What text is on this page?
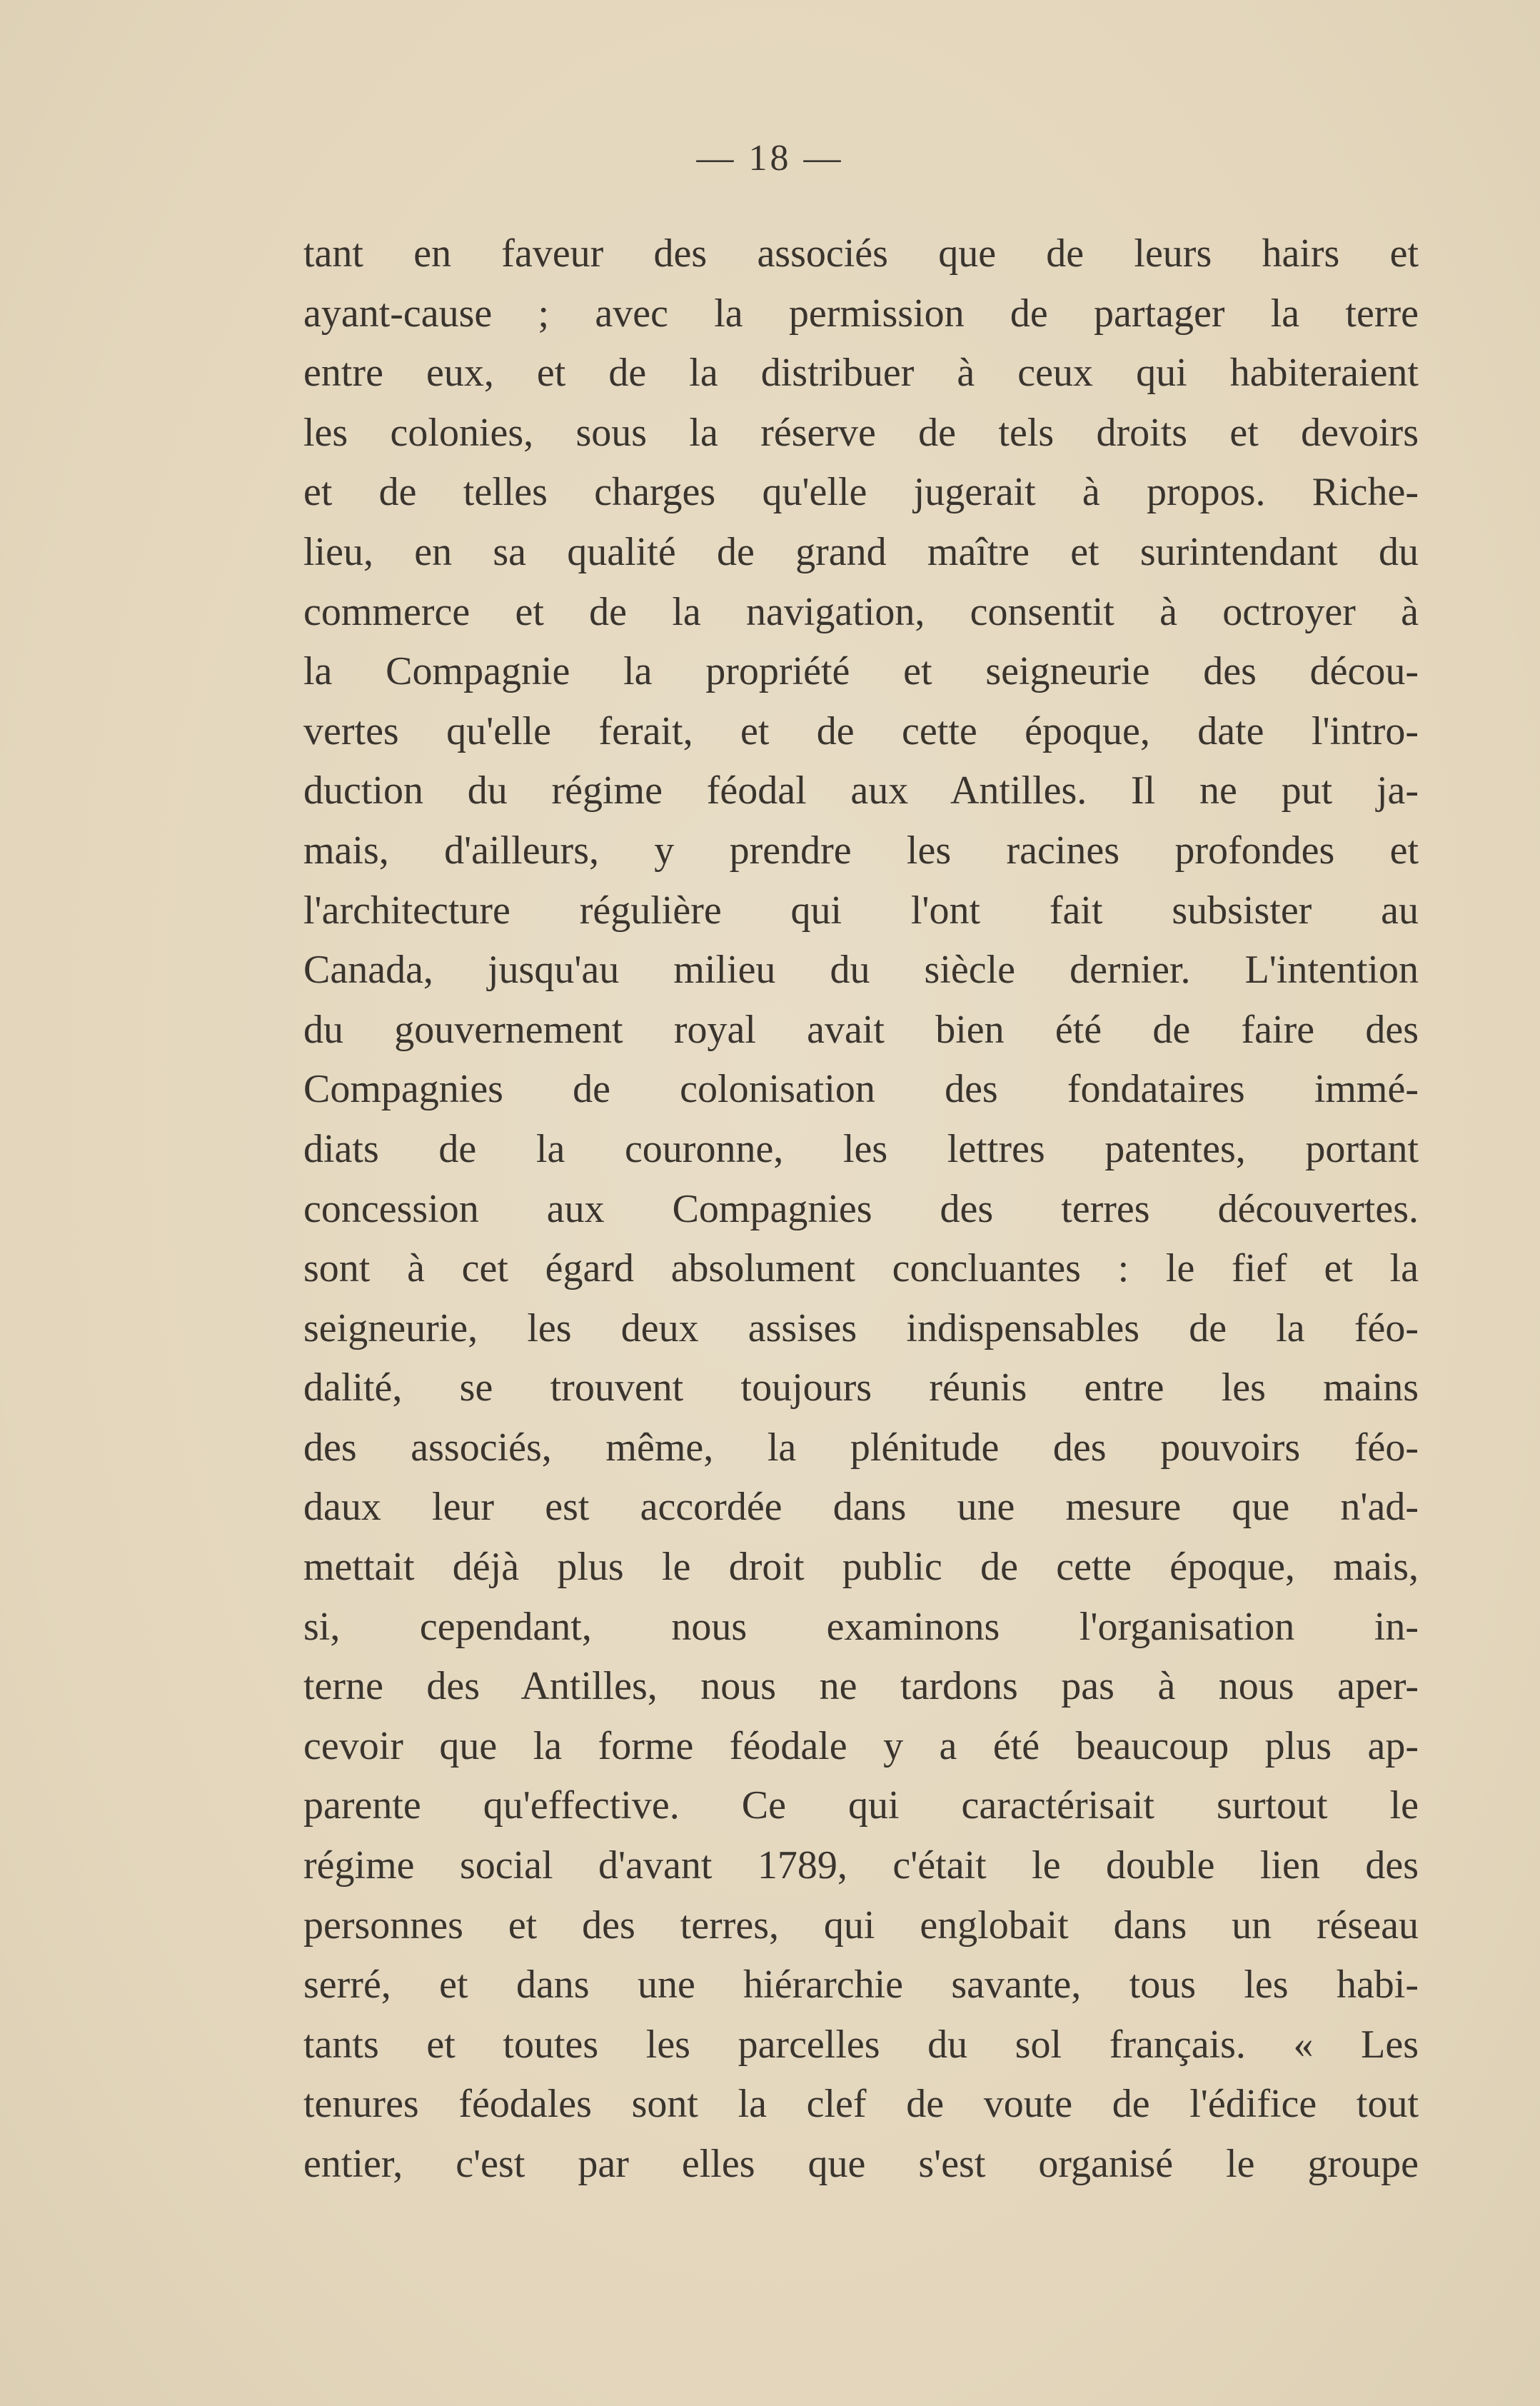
— 18 —
tant en faveur des associés que de leurs hairs et
ayant-cause ; avec la permission de partager la terre
entre eux, et de la distribuer à ceux qui habiteraient
les colonies, sous la réserve de tels droits et devoirs
et de telles charges qu'elle jugerait à propos. Riche-
lieu, en sa qualité de grand maître et surintendant du
commerce et de la navigation, consentit à octroyer à
la Compagnie la propriété et seigneurie des décou-
vertes qu'elle ferait, et de cette époque, date l'intro-
duction du régime féodal aux Antilles. Il ne put ja-
mais, d'ailleurs, y prendre les racines profondes et
l'architecture régulière qui l'ont fait subsister au
Canada, jusqu'au milieu du siècle dernier. L'intention
du gouvernement royal avait bien été de faire des
Compagnies de colonisation des fondataires immé-
diats de la couronne, les lettres patentes, portant
concession aux Compagnies des terres découvertes.
sont à cet égard absolument concluantes : le fief et la
seigneurie, les deux assises indispensables de la féo-
dalité, se trouvent toujours réunis entre les mains
des associés, même, la plénitude des pouvoirs féo-
daux leur est accordée dans une mesure que n'ad-
mettait déjà plus le droit public de cette époque, mais,
si, cependant, nous examinons l'organisation in-
terne des Antilles, nous ne tardons pas à nous aper-
cevoir que la forme féodale y a été beaucoup plus ap-
parente qu'effective. Ce qui caractérisait surtout le
régime social d'avant 1789, c'était le double lien des
personnes et des terres, qui englobait dans un réseau
serré, et dans une hiérarchie savante, tous les habi-
tants et toutes les parcelles du sol français. « Les
tenures féodales sont la clef de voute de l'édifice tout
entier, c'est par elles que s'est organisé le groupe
